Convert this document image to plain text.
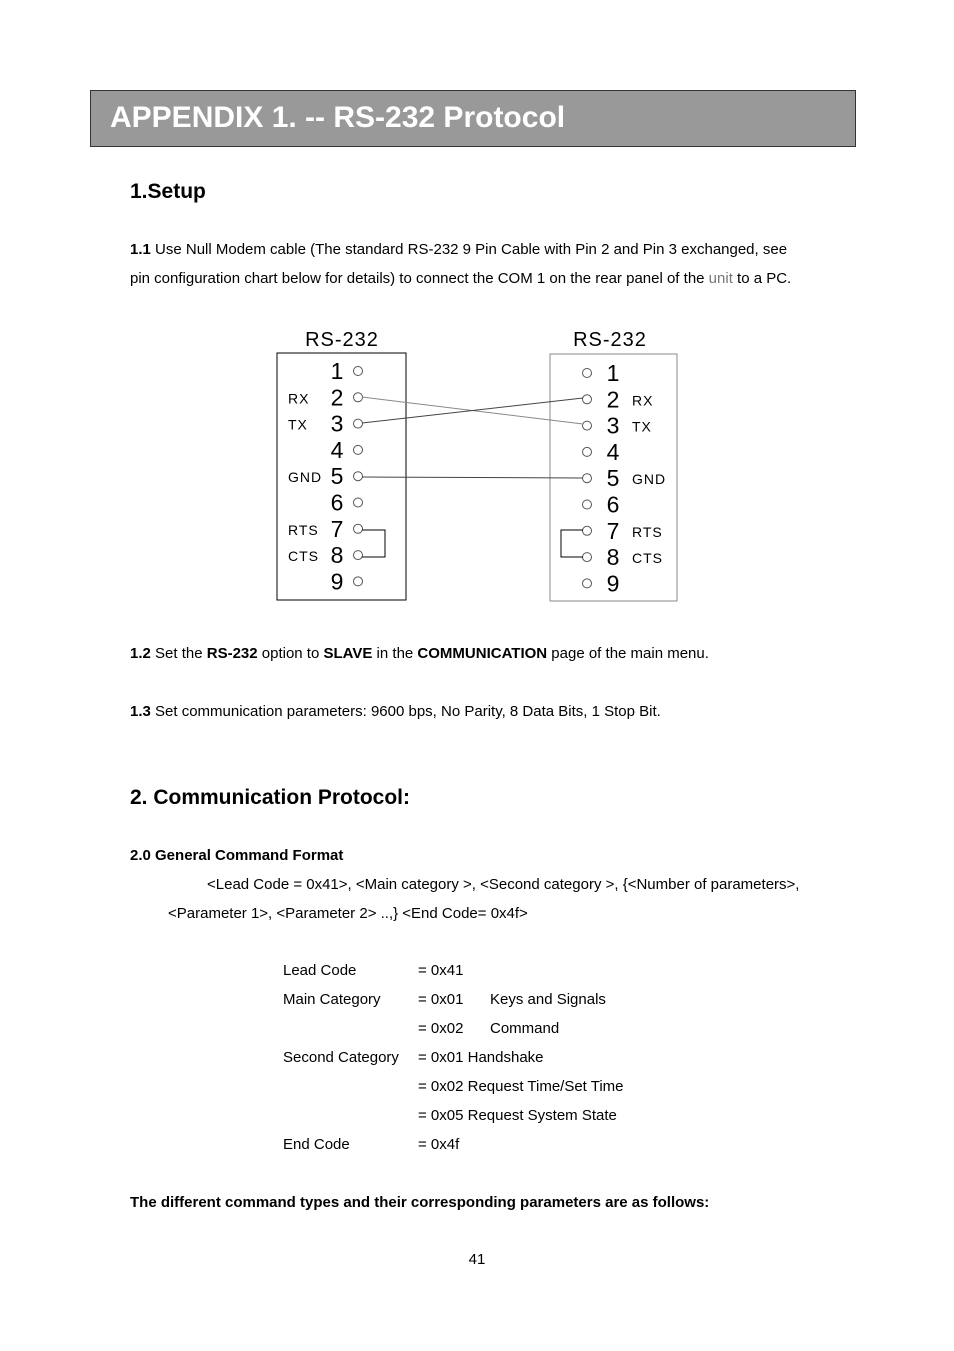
APPENDIX 1. -- RS-232 Protocol
1.Setup
1.1 Use Null Modem cable (The standard RS-232 9 Pin Cable with Pin 2 and Pin 3 exchanged, see
pin configuration chart below for details) to connect the COM 1 on the rear panel of the unit to a PC.
RS-232	RS-232
1
2
RX
3
TX
4
5
GND
6
7
RTS
8
CTS
9
1
2 RX
3 TX
4
5 GND
6
7 RTS
8 CTS
9
1.2 Set the RS-232 option to SLAVE in the COMMUNICATION page of the main menu.
1.3 Set communication parameters: 9600 bps, No Parity, 8 Data Bits, 1 Stop Bit.
2. Communication Protocol:
2.0 General Command Format
<Lead Code = 0x41>, <Main category >, <Second category >, {<Number of parameters>,
<Parameter 1>, <Parameter 2> ..,} <End Code= 0x4f>
Lead Code	= 0x41
Main Category = 0x01 Keys and Signals
= 0x02 Command
Second Category = 0x01 Handshake
= 0x02 Request Time/Set Time
= 0x05 Request System State
End Code	= 0x4f
The different command types and their corresponding parameters are as follows:
41
